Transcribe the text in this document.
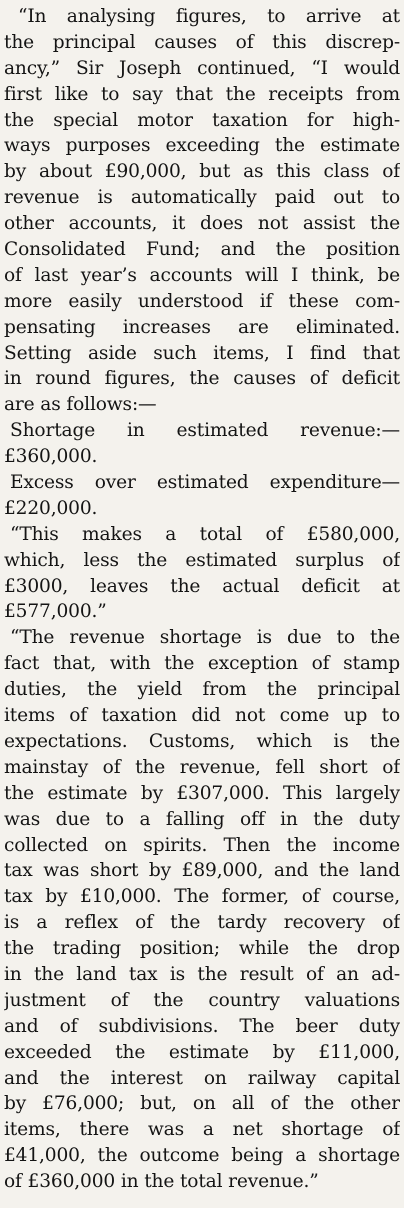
“In analysing figures, to arrive at
the principal causes of this discrep-
ancy,” Sir Joseph continued, “I would
first like to say that the receipts from
the special motor taxation for high-
ways purposes exceeding the estimate
by about £90,000, but as this class of
revenue is automatically paid out to
other accounts, it does not assist the
Consolidated Fund; and the position
of last year’s accounts will I think, be
more easily understood if these com-
pensating increases are eliminated.
Setting aside such items, I find that
in round figures, the causes of deficit
are as follows:—
Shortage in estimated revenue:—
£360,000.
Excess over estimated expenditure—
£220,000.
“This makes a total of £580,000,
which, less the estimated surplus of
£3000, leaves the actual deficit at
£577,000.”
“The revenue shortage is due to the
fact that, with the exception of stamp
duties, the yield from the principal
items of taxation did not come up to
expectations. Customs, which is the
mainstay of the revenue, fell short of
the estimate by £307,000. This largely
was due to a falling off in the duty
collected on spirits. Then the income
tax was short by £89,000, and the land
tax by £10,000. The former, of course,
is a reflex of the tardy recovery of
the trading position; while the drop
in the land tax is the result of an ad-
justment of the country valuations
and of subdivisions. The beer duty
exceeded the estimate by £11,000,
and the interest on railway capital
by £76,000; but, on all of the other
items, there was a net shortage of
£41,000, the outcome being a shortage
of £360,000 in the total revenue.”
